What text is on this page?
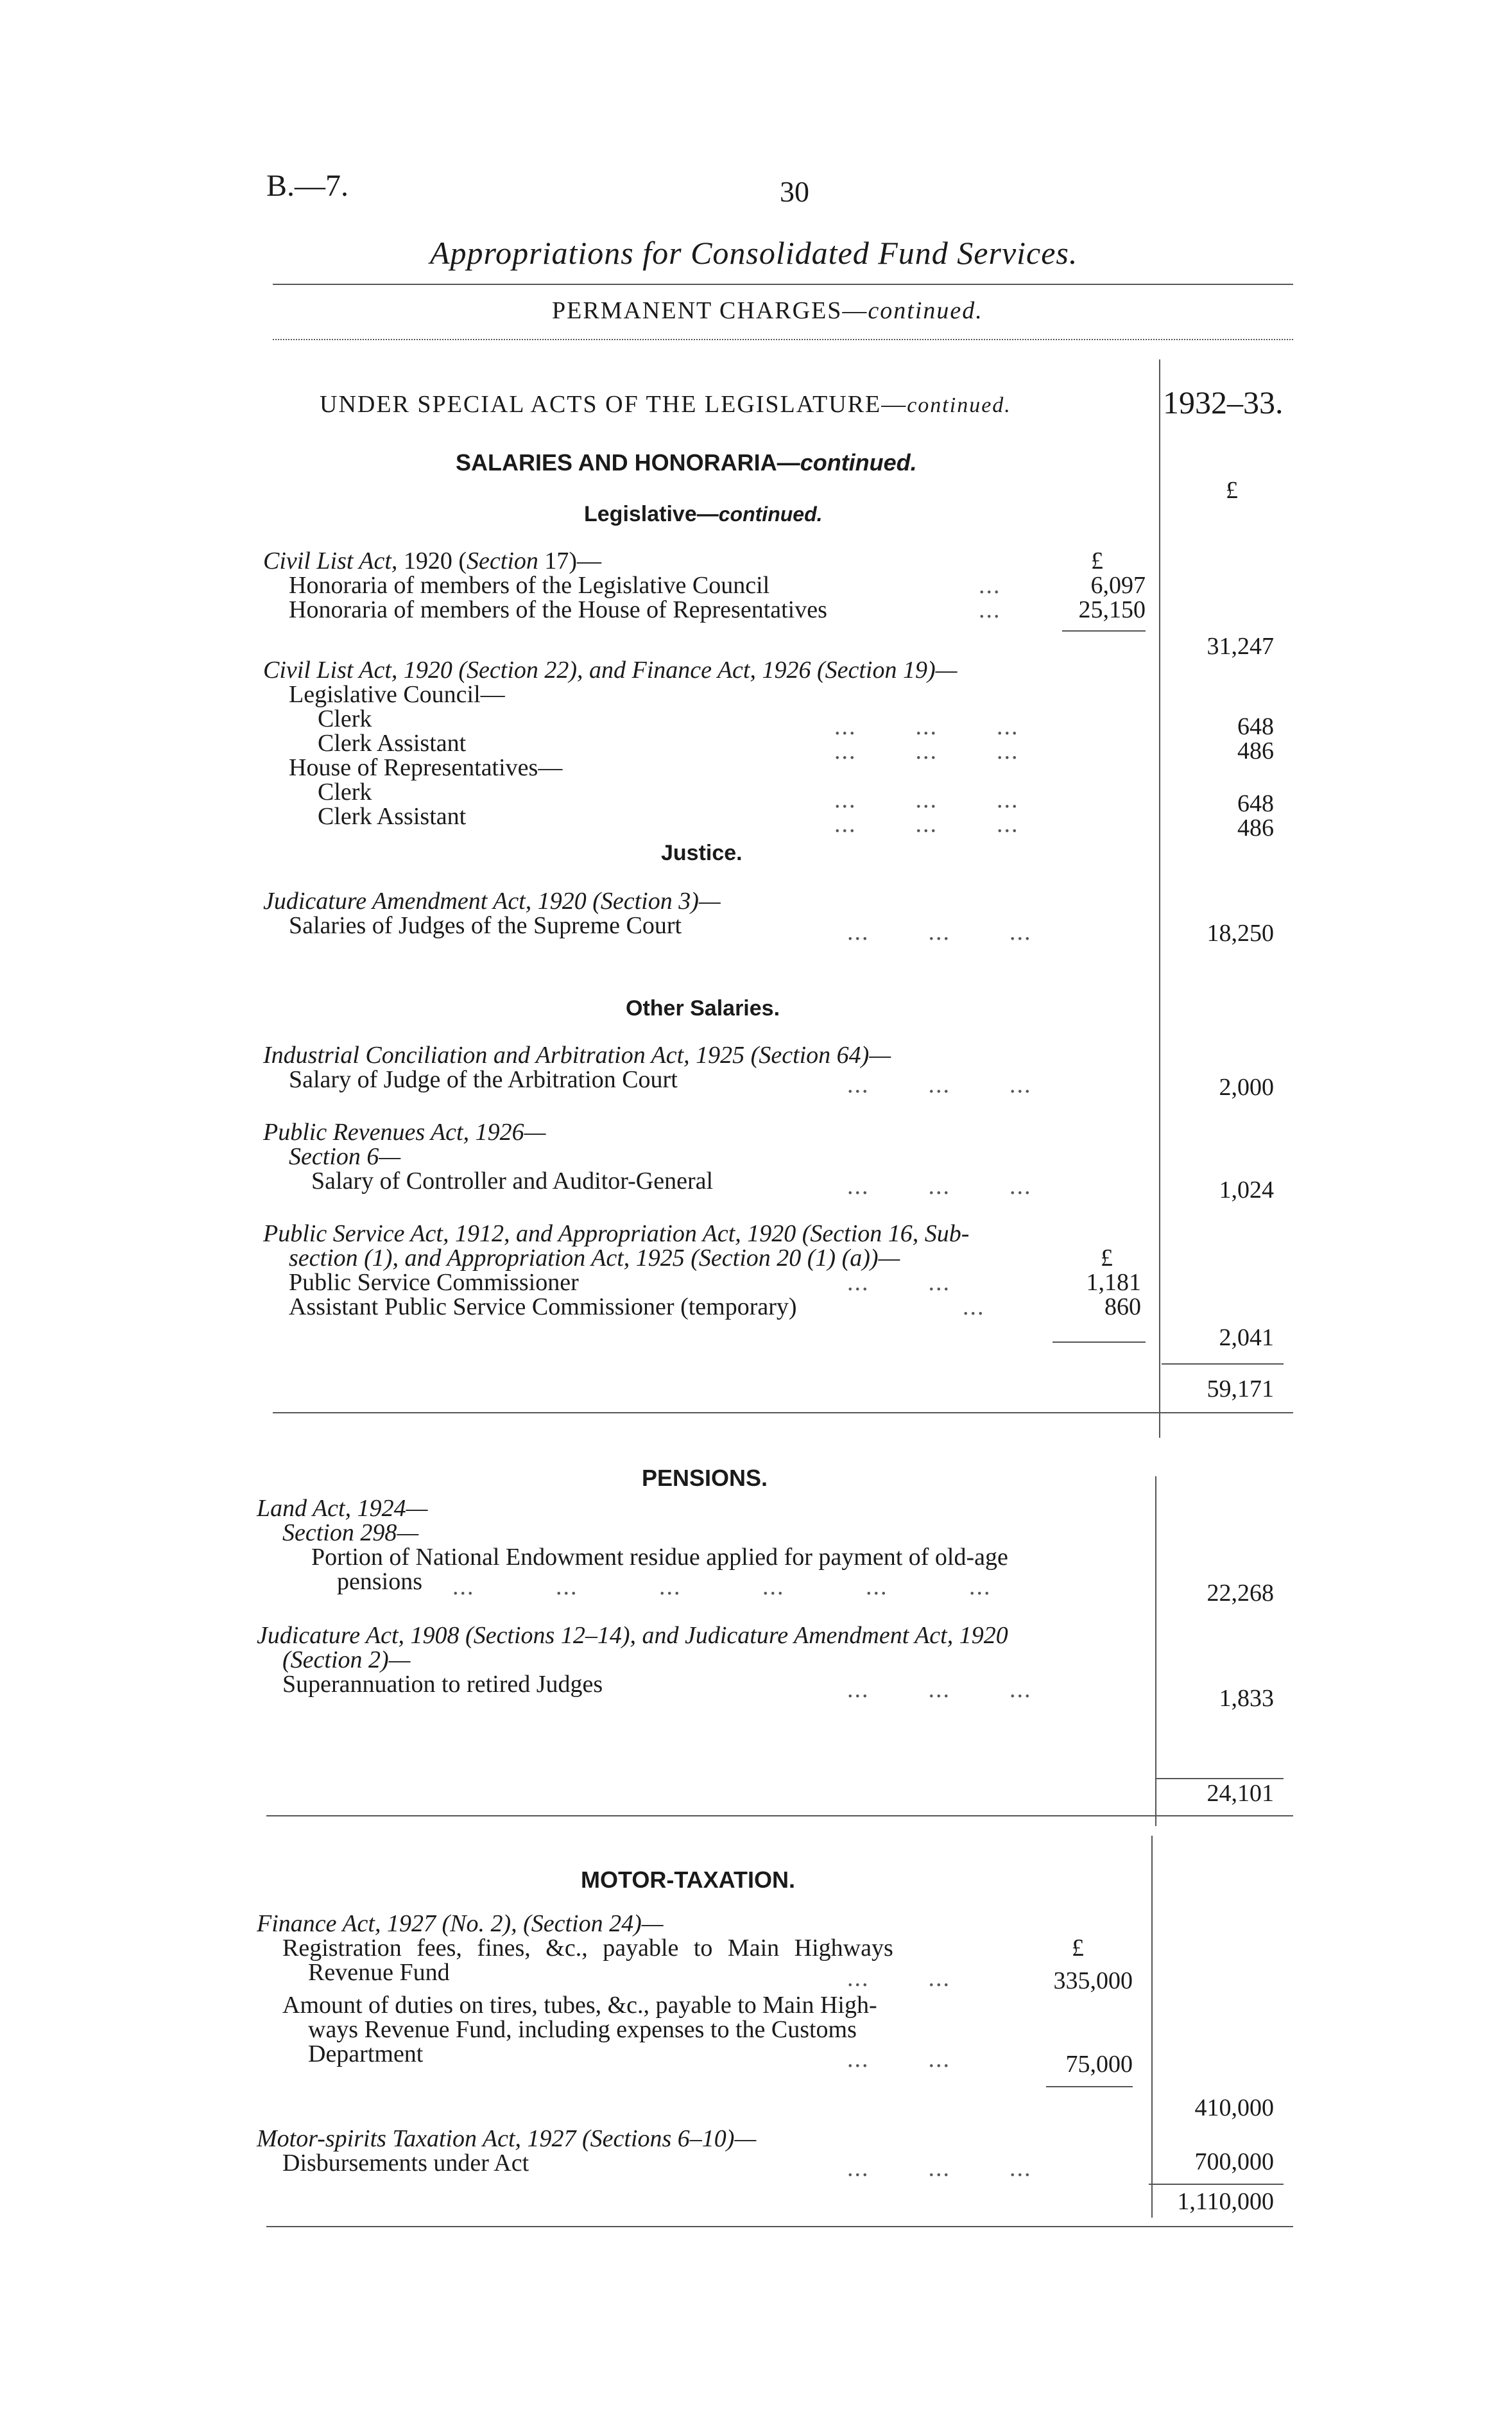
B.—7.	30
Appropriations for Consolidated Fund Services.
PERMANENT CHARGES—continued.
UNDER SPECIAL ACTS OF THE LEGISLATURE—continued.	1932–33.
£
SALARIES AND HONORARIA—continued.
Legislative—continued.
Civil List Act, 1920 (Section 17)—	£
Honoraria of members of the Legislative Council	...	6,097
Honoraria of members of the House of Representatives	...	25,150
31,247
Civil List Act, 1920 (Section 22), and Finance Act, 1926 (Section 19)—
Legislative Council—
Clerk	...        ...        ...	648
Clerk Assistant	...        ...        ...	486
House of Representatives—
Clerk	...        ...        ...	648
Clerk Assistant	...        ...        ...	486
Justice.
Judicature Amendment Act, 1920 (Section 3)—
Salaries of Judges of the Supreme Court	...        ...        ...	18,250
Other Salaries.
Industrial Conciliation and Arbitration Act, 1925 (Section 64)—
Salary of Judge of the Arbitration Court	...        ...        ...	2,000
Public Revenues Act, 1926—
Section 6—
Salary of Controller and Auditor-General	...        ...        ...	1,024
Public Service Act, 1912, and Appropriation Act, 1920 (Section 16, Sub-
section (1), and Appropriation Act, 1925 (Section 20 (1) (a))—	£
Public Service Commissioner	...        ...	1,181
Assistant Public Service Commissioner (temporary)	...	860
2,041
59,171
PENSIONS.
Land Act, 1924—
Section 298—
Portion of National Endowment residue applied for payment of old-age
pensions ...           ...           ...           ...           ...           ...	22,268
Judicature Act, 1908 (Sections 12–14), and Judicature Amendment Act, 1920
(Section 2)—
Superannuation to retired Judges	...        ...        ...	1,833
24,101
MOTOR-TAXATION.
Finance Act, 1927 (No. 2), (Section 24)—
Registration fees, fines, &c., payable to Main Highways	£
Revenue Fund	...        ...	335,000
Amount of duties on tires, tubes, &c., payable to Main High-
ways Revenue Fund, including expenses to the Customs
Department	...        ...	75,000
410,000
Motor-spirits Taxation Act, 1927 (Sections 6–10)—
Disbursements under Act	...        ...        ...	700,000
1,110,000
